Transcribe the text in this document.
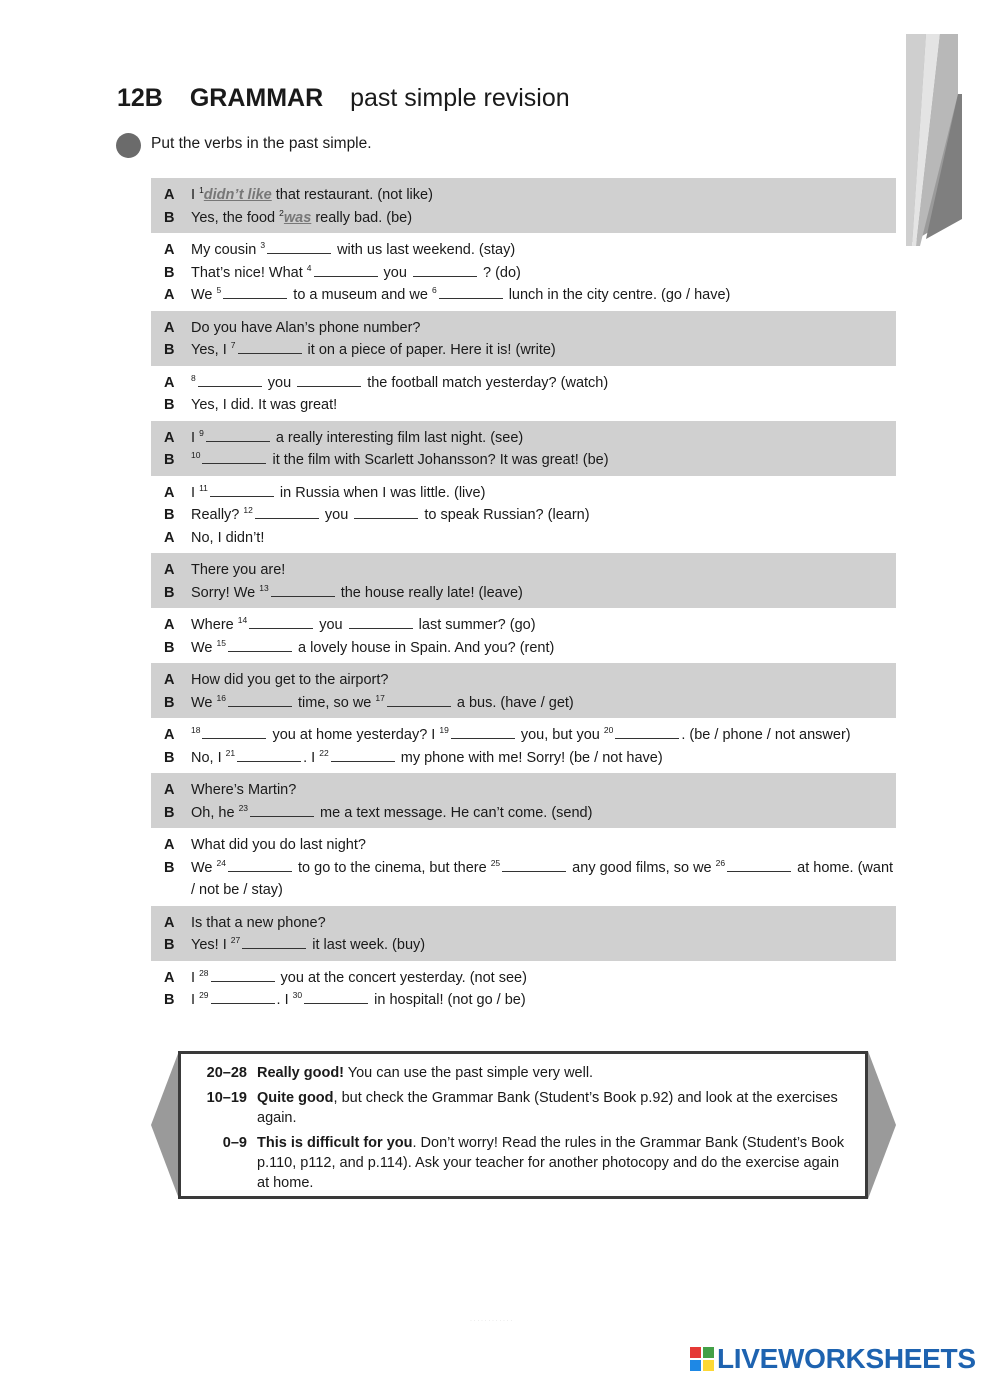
12B GRAMMAR past simple revision
Put the verbs in the past simple.
A	I $^1$didn’t like that restaurant. (not like)
B	Yes, the food $^2$was really bad. (be)
A	My cousin $^3$	with us last weekend. (stay)
B	That’s nice! What $^4$	you	? (do)
A	We $^5$	to a museum and we $^6$	lunch in the city centre. (go / have)
A	Do you have Alan’s phone number?
B	Yes, I $^7$	it on a piece of paper. Here it is! (write)
A	$^8$	you	the football match yesterday? (watch)
B	Yes, I did. It was great!
A	I $^9$	a really interesting film last night. (see)
B	$^{10}$	it the film with Scarlett Johansson? It was great! (be)
A	I $^{11}$	in Russia when I was little. (live)
B	Really? $^{12}$	you	to speak Russian? (learn)
A	No, I didn’t!
A	There you are!
B	Sorry! We $^{13}$	the house really late! (leave)
A	Where $^{14}$	you	last summer? (go)
B	We $^{15}$	a lovely house in Spain. And you? (rent)
A	How did you get to the airport?
B	We $^{16}$	time, so we $^{17}$	a bus. (have / get)
A	$^{18}$	you at home yesterday? I $^{19}$	you, but you $^{20}$	. (be / phone / not answer)
B	No, I $^{21}$	. I $^{22}$	my phone with me! Sorry! (be / not have)
A	Where’s Martin?
B	Oh, he $^{23}$	me a text message. He can’t come. (send)
A	What did you do last night?
B	We $^{24}$	to go to the cinema, but there $^{25}$	any good films, so we $^{26}$	at home. (want / not be / stay)
A	Is that a new phone?
B	Yes! I $^{27}$	it last week. (buy)
A	I $^{28}$	you at the concert yesterday. (not see)
B	I $^{29}$	. I $^{30}$	in hospital! (not go / be)
20–28 Really good! You can use the past simple very well.
10–19 Quite good, but check the Grammar Bank (Student’s Book p.92) and look at the exercises again.
0–9 This is difficult for you. Don’t worry! Read the rules in the Grammar Bank (Student’s Book p.110, p112, and p.114). Ask your teacher for another photocopy and do the exercise again at home.
· · · · · · · · · · · ·
LIVEWORKSHEETS
